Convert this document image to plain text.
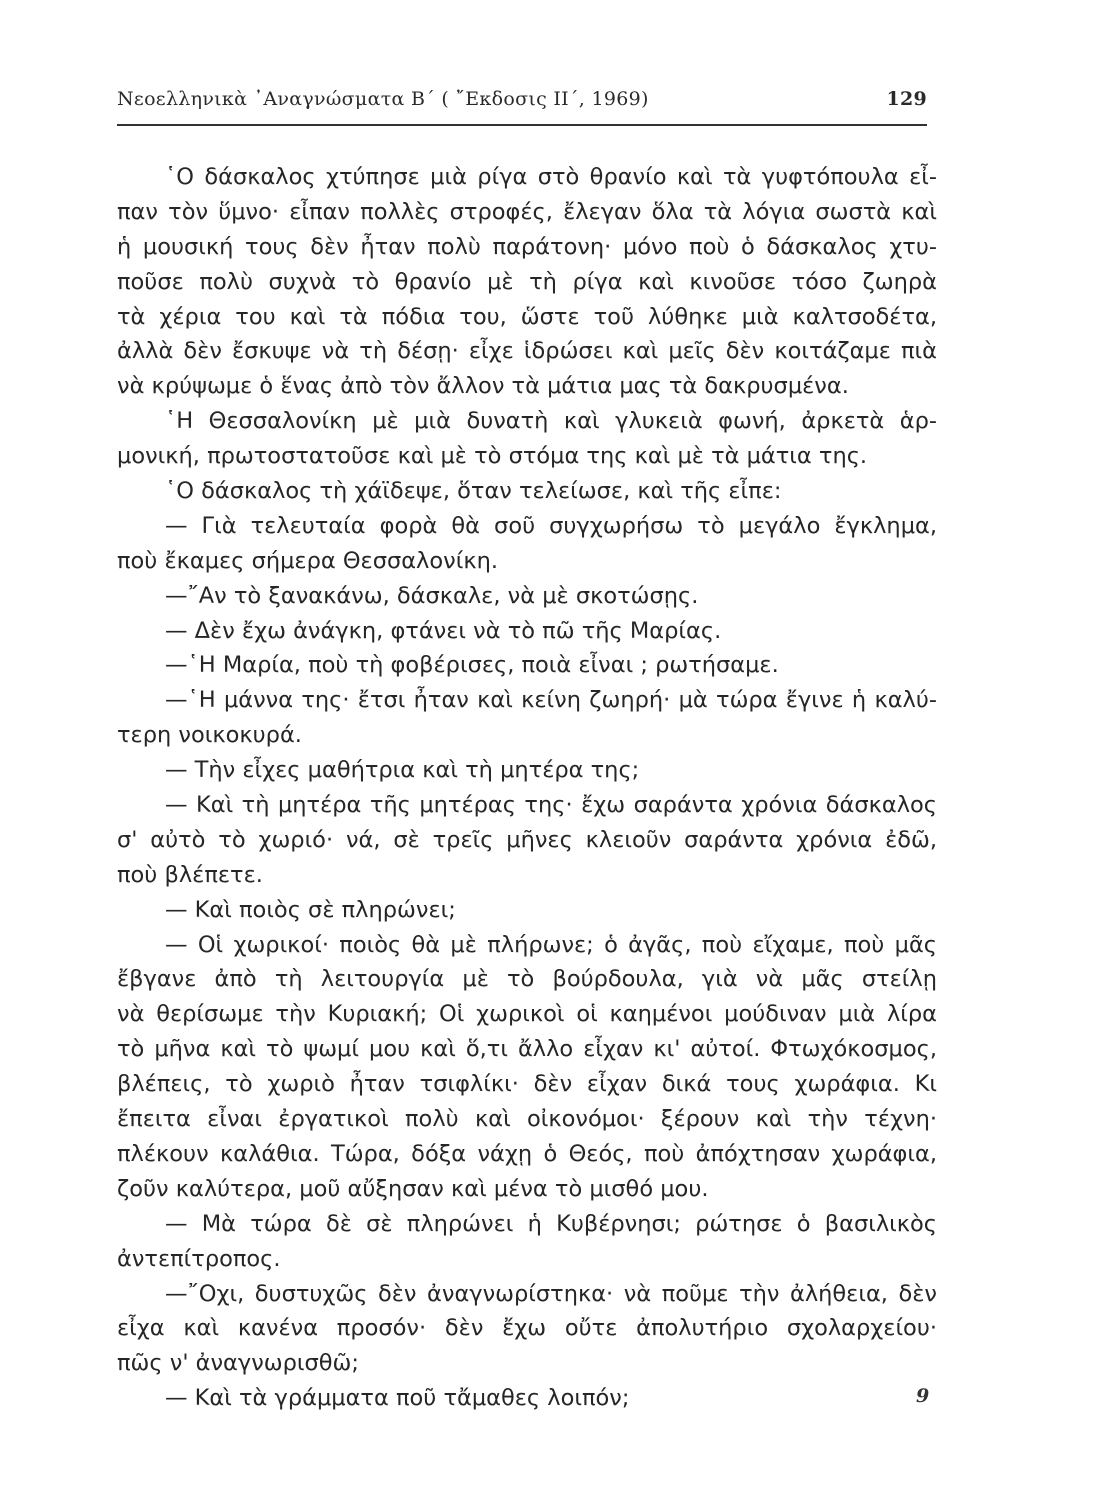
Νεοελληνικὰ ᾿Αναγνώσματα Β΄ ( ῎Εκδοσις ΙΙ΄, 1969)	129
῾Ο δάσκαλος χτύπησε μιὰ ρίγα στὸ θρανίο καὶ τὰ γυφτόπουλα εἶ-
παν τὸν ὕμνο· εἶπαν πολλὲς στροφές, ἔλεγαν ὅλα τὰ λόγια σωστὰ καὶ
ἡ μουσική τους δὲν ἦταν πολὺ παράτονη· μόνο ποὺ ὁ δάσκαλος χτυ-
ποῦσε πολὺ συχνὰ τὸ θρανίο μὲ τὴ ρίγα καὶ κινοῦσε τόσο ζωηρὰ
τὰ χέρια του καὶ τὰ πόδια του, ὥστε τοῦ λύθηκε μιὰ καλτσοδέτα,
ἀλλὰ δὲν ἔσκυψε νὰ τὴ δέσῃ· εἶχε ἱδρώσει καὶ μεῖς δὲν κοιτάζαμε πιὰ
νὰ κρύψωμε ὁ ἕνας ἀπὸ τὸν ἄλλον τὰ μάτια μας τὰ δακρυσμένα.
῾Η Θεσσαλονίκη μὲ μιὰ δυνατὴ καὶ γλυκειὰ φωνή, ἀρκετὰ ἁρ-
μονική, πρωτοστατοῦσε καὶ μὲ τὸ στόμα της καὶ μὲ τὰ μάτια της.
῾Ο δάσκαλος τὴ χάϊδεψε, ὅταν τελείωσε, καὶ τῆς εἶπε:
— Γιὰ τελευταία φορὰ θὰ σοῦ συγχωρήσω τὸ μεγάλο ἔγκλημα,
ποὺ ἔκαμες σήμερα Θεσσαλονίκη.
—῎Αν τὸ ξανακάνω, δάσκαλε, νὰ μὲ σκοτώσῃς.
— Δὲν ἔχω ἀνάγκη, φτάνει νὰ τὸ πῶ τῆς Μαρίας.
—῾Η Μαρία, ποὺ τὴ φοβέρισες, ποιὰ εἶναι ; ρωτήσαμε.
—῾Η μάννα της· ἔτσι ἦταν καὶ κείνη ζωηρή· μὰ τώρα ἔγινε ἡ καλύ-
τερη νοικοκυρά.
— Τὴν εἶχες μαθήτρια καὶ τὴ μητέρα της;
— Καὶ τὴ μητέρα τῆς μητέρας της· ἔχω σαράντα χρόνια δάσκαλος
σ' αὐτὸ τὸ χωριό· νά, σὲ τρεῖς μῆνες κλειοῦν σαράντα χρόνια ἐδῶ,
ποὺ βλέπετε.
— Καὶ ποιὸς σὲ πληρώνει;
— Οἱ χωρικοί· ποιὸς θὰ μὲ πλήρωνε; ὁ ἀγᾶς, ποὺ εἴχαμε, ποὺ μᾶς
ἔβγανε ἀπὸ τὴ λειτουργία μὲ τὸ βούρδουλα, γιὰ νὰ μᾶς στείλῃ
νὰ θερίσωμε τὴν Κυριακή; Οἱ χωρικοὶ οἱ καημένοι μούδιναν μιὰ λίρα
τὸ μῆνα καὶ τὸ ψωμί μου καὶ ὅ,τι ἄλλο εἶχαν κι' αὐτοί. Φτωχόκοσμος,
βλέπεις, τὸ χωριὸ ἦταν τσιφλίκι· δὲν εἶχαν δικά τους χωράφια. Κι
ἔπειτα εἶναι ἐργατικοὶ πολὺ καὶ οἰκονόμοι· ξέρουν καὶ τὴν τέχνη·
πλέκουν καλάθια. Τώρα, δόξα νάχῃ ὁ Θεός, ποὺ ἀπόχτησαν χωράφια,
ζοῦν καλύτερα, μοῦ αὔξησαν καὶ μένα τὸ μισθό μου.
— Μὰ τώρα δὲ σὲ πληρώνει ἡ Κυβέρνησι; ρώτησε ὁ βασιλικὸς
ἀντεπίτροπος.
—῎Οχι, δυστυχῶς δὲν ἀναγνωρίστηκα· νὰ ποῦμε τὴν ἀλήθεια, δὲν
εἶχα καὶ κανένα προσόν· δὲν ἔχω οὔτε ἀπολυτήριο σχολαρχείου·
πῶς ν' ἀναγνωρισθῶ;
— Καὶ τὰ γράμματα ποῦ τἄμαθες λοιπόν;	9
